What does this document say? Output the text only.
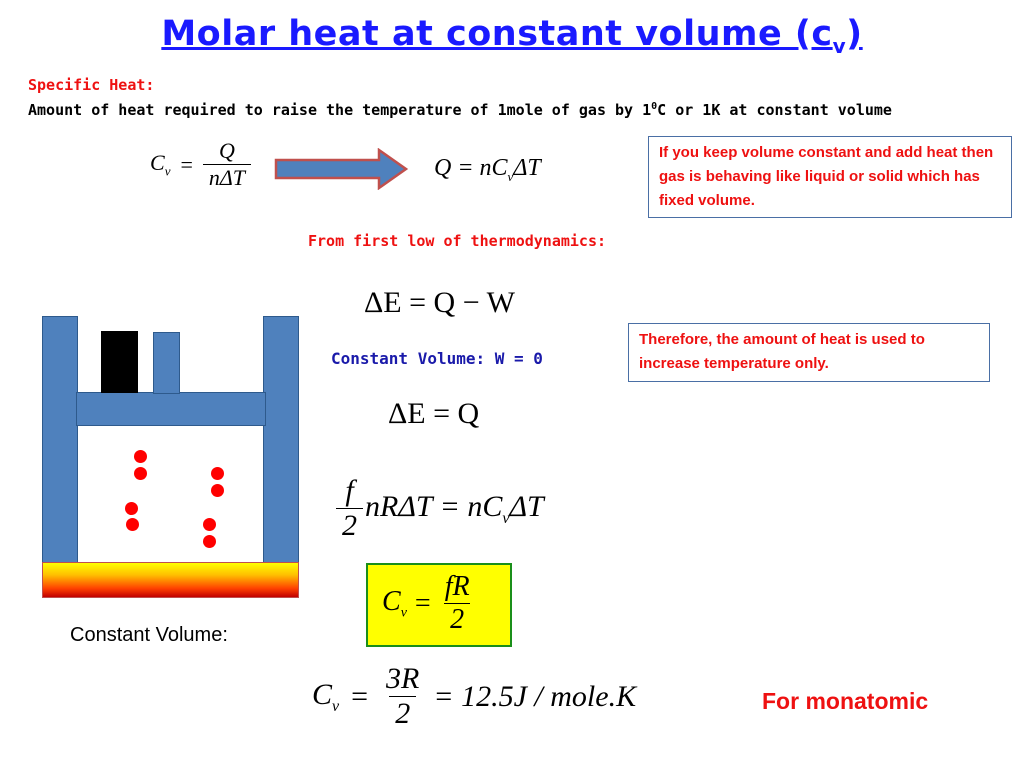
Molar heat at constant volume $(c_v)$
Specific Heat:
Amount of heat required to raise the temperature of 1mole of gas by $1^0C$ or 1K at constant volume
$C_v = \frac{Q}{\text{nΔT}}$	$Q = nC_v\Delta T$
If you keep volume constant and add heat then gas is behaving like liquid or solid which has fixed volume.
From first low of thermodynamics:
ΔE = Q − W
Constant Volume: W = 0
Therefore, the amount of heat is used to increase temperature only.
ΔE = Q
$\frac{f}{2}$ $nR\Delta T = nC_v\Delta T$
$C_v = \frac{fR}{2}$
Constant Volume:
$C_v = \frac{3R}{2} = 12.5J$ / mole.K	For monatomic
